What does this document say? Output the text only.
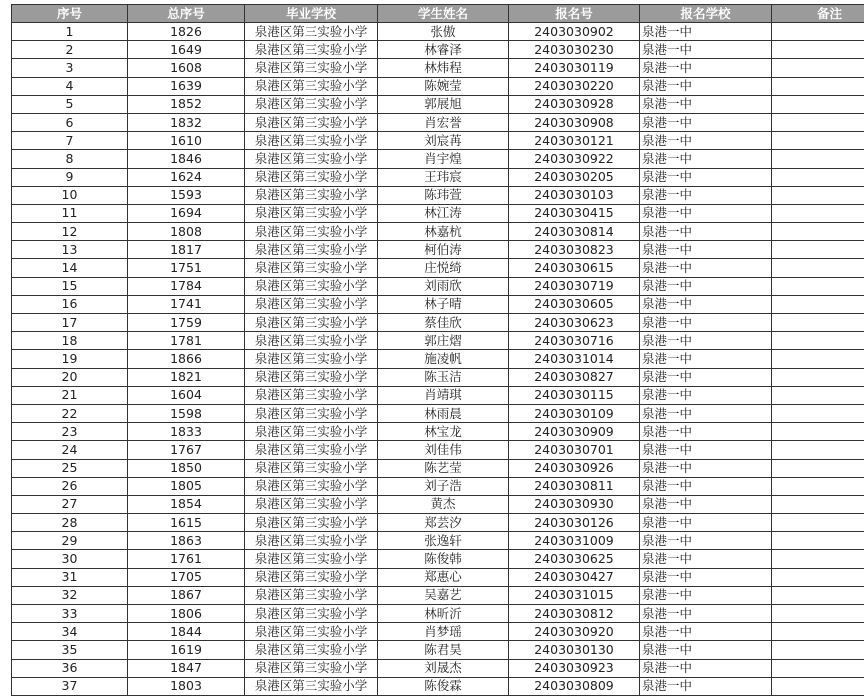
序号	总序号	毕业学校	学生姓名	报名号	报名学校	备注
1	1826	泉港区第三实验小学	张傲	2403030902	泉港一中	
2	1649	泉港区第三实验小学	林睿泽	2403030230	泉港一中	
3	1608	泉港区第三实验小学	林炜程	2403030119	泉港一中	
4	1639	泉港区第三实验小学	陈婉莹	2403030220	泉港一中	
5	1852	泉港区第三实验小学	郭展旭	2403030928	泉港一中	
6	1832	泉港区第三实验小学	肖宏誉	2403030908	泉港一中	
7	1610	泉港区第三实验小学	刘宸苒	2403030121	泉港一中	
8	1846	泉港区第三实验小学	肖宇煌	2403030922	泉港一中	
9	1624	泉港区第三实验小学	王玮宸	2403030205	泉港一中	
10	1593	泉港区第三实验小学	陈玮萱	2403030103	泉港一中	
11	1694	泉港区第三实验小学	林江涛	2403030415	泉港一中	
12	1808	泉港区第三实验小学	林嘉杭	2403030814	泉港一中	
13	1817	泉港区第三实验小学	柯伯涛	2403030823	泉港一中	
14	1751	泉港区第三实验小学	庄悦绮	2403030615	泉港一中	
15	1784	泉港区第三实验小学	刘雨欣	2403030719	泉港一中	
16	1741	泉港区第三实验小学	林子晴	2403030605	泉港一中	
17	1759	泉港区第三实验小学	蔡佳欣	2403030623	泉港一中	
18	1781	泉港区第三实验小学	郭庄熠	2403030716	泉港一中	
19	1866	泉港区第三实验小学	施凌帆	2403031014	泉港一中	
20	1821	泉港区第三实验小学	陈玉洁	2403030827	泉港一中	
21	1604	泉港区第三实验小学	肖靖琪	2403030115	泉港一中	
22	1598	泉港区第三实验小学	林雨晨	2403030109	泉港一中	
23	1833	泉港区第三实验小学	林宝龙	2403030909	泉港一中	
24	1767	泉港区第三实验小学	刘佳伟	2403030701	泉港一中	
25	1850	泉港区第三实验小学	陈艺莹	2403030926	泉港一中	
26	1805	泉港区第三实验小学	刘子浩	2403030811	泉港一中	
27	1854	泉港区第三实验小学	黄杰	2403030930	泉港一中	
28	1615	泉港区第三实验小学	郑芸汐	2403030126	泉港一中	
29	1863	泉港区第三实验小学	张逸轩	2403031009	泉港一中	
30	1761	泉港区第三实验小学	陈俊韩	2403030625	泉港一中	
31	1705	泉港区第三实验小学	郑惠心	2403030427	泉港一中	
32	1867	泉港区第三实验小学	吴嘉艺	2403031015	泉港一中	
33	1806	泉港区第三实验小学	林昕沂	2403030812	泉港一中	
34	1844	泉港区第三实验小学	肖梦瑶	2403030920	泉港一中	
35	1619	泉港区第三实验小学	陈君昊	2403030130	泉港一中	
36	1847	泉港区第三实验小学	刘晟杰	2403030923	泉港一中	
37	1803	泉港区第三实验小学	陈俊霖	2403030809	泉港一中	
